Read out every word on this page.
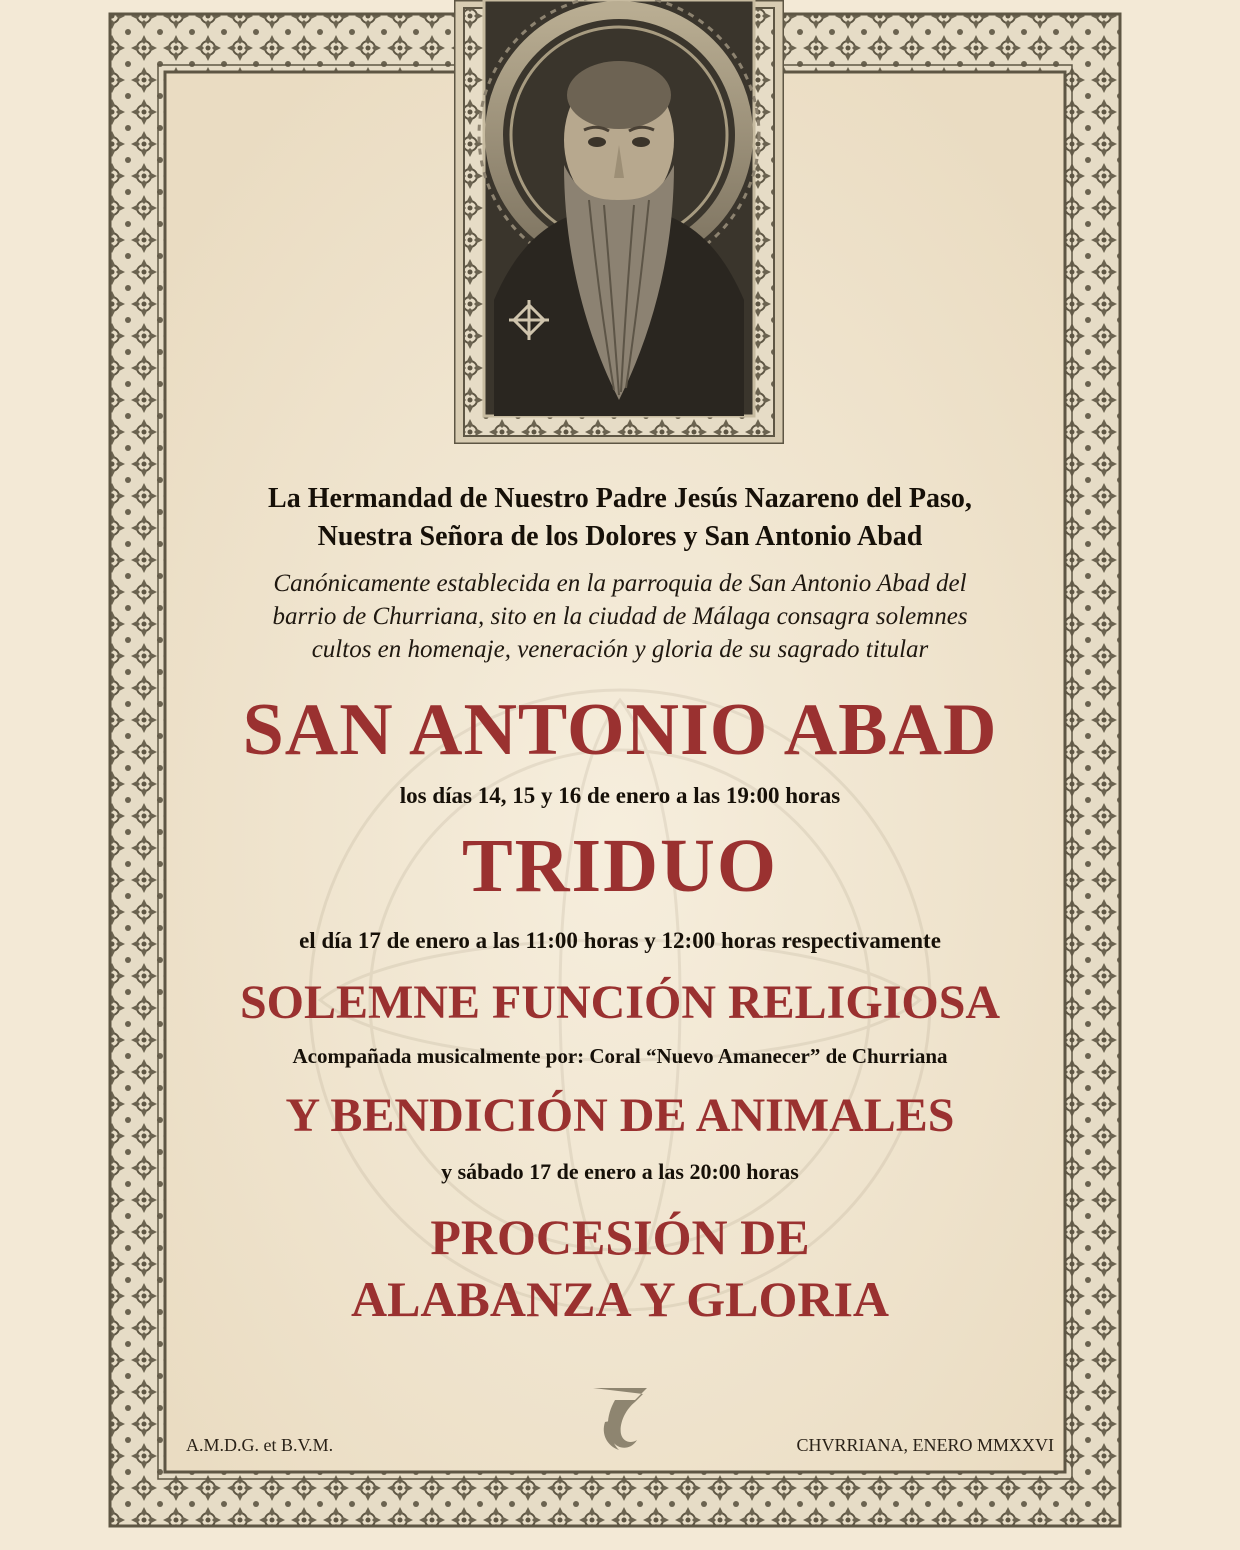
La Hermandad de Nuestro Padre Jesús Nazareno del Paso,
Nuestra Señora de los Dolores y San Antonio Abad
Canónicamente establecida en la parroquia de San Antonio Abad del
barrio de Churriana, sito en la ciudad de Málaga consagra solemnes
cultos en homenaje, veneración y gloria de su sagrado titular
SAN ANTONIO ABAD
los días 14, 15 y 16 de enero a las 19:00 horas
TRIDUO
el día 17 de enero a las 11:00 horas y 12:00 horas respectivamente
SOLEMNE FUNCIÓN RELIGIOSA
Acompañada musicalmente por: Coral “Nuevo Amanecer” de Churriana
Y BENDICIÓN DE ANIMALES
y sábado 17 de enero a las 20:00 horas
PROCESIÓN DE
ALABANZA Y GLORIA
A.M.D.G. et B.V.M.	CHVRRIANA, ENERO MMXXVI
